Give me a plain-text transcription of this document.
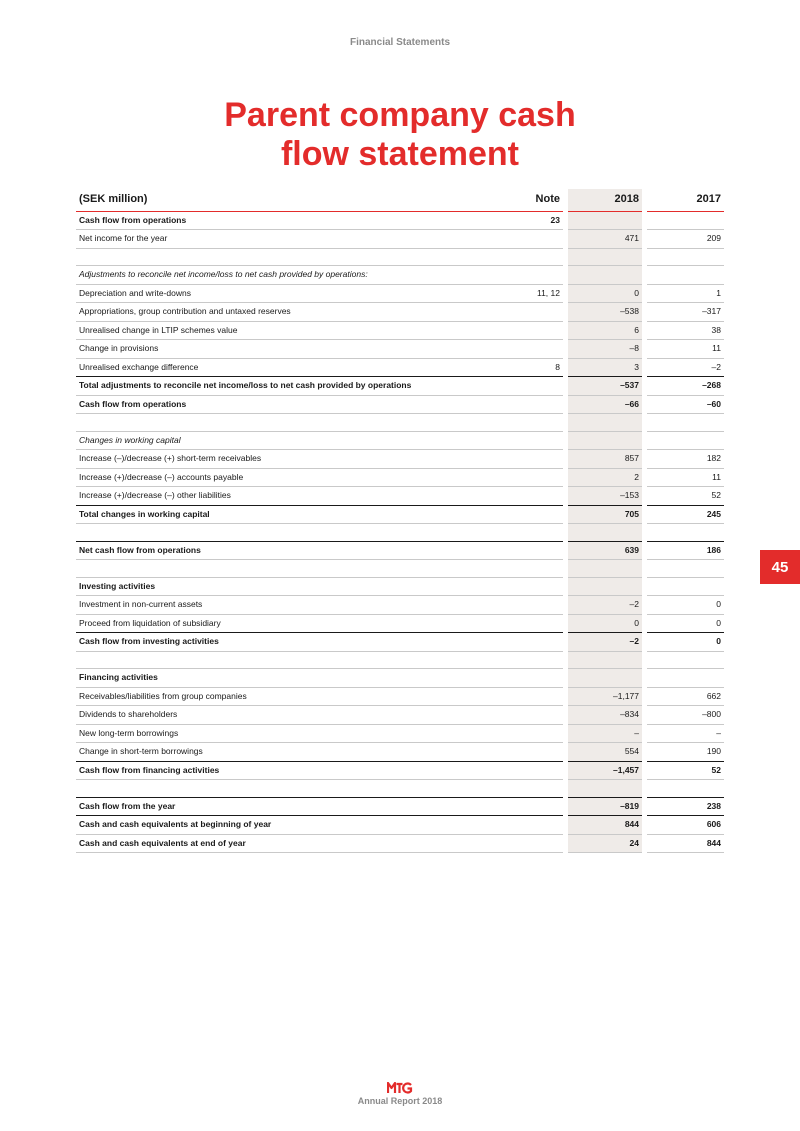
Financial Statements
Parent company cash
flow statement
45
(SEK million)	Note		2018		2017
Cash flow from operations	23				
Net income for the year			471		209

Adjustments to reconcile net income/loss to net cash provided by operations:					
Depreciation and write-downs	11, 12		0		1
Appropriations, group contribution and untaxed reserves			–538		–317
Unrealised change in LTIP schemes value			6		38
Change in provisions			–8		11
Unrealised exchange difference	8		3		–2
Total adjustments to reconcile net income/loss to net cash provided by operations			–537		–268
Cash flow from operations			–66		–60

Changes in working capital					
Increase (–)/decrease (+) short-term receivables			857		182
Increase (+)/decrease (–) accounts payable			2		11
Increase (+)/decrease (–) other liabilities			–153		52
Total changes in working capital			705		245

Net cash flow from operations			639		186

Investing activities					
Investment in non-current assets			–2		0
Proceed from liquidation of subsidiary			0		0
Cash flow from investing activities			–2		0

Financing activities					
Receivables/liabilities from group companies			–1,177		662
Dividends to shareholders			–834		–800
New long-term borrowings			–		–
Change in short-term borrowings			554		190
Cash flow from financing activities			–1,457		52

Cash flow from the year			–819		238
Cash and cash equivalents at beginning of year			844		606
Cash and cash equivalents at end of year			24		844
Annual Report 2018
